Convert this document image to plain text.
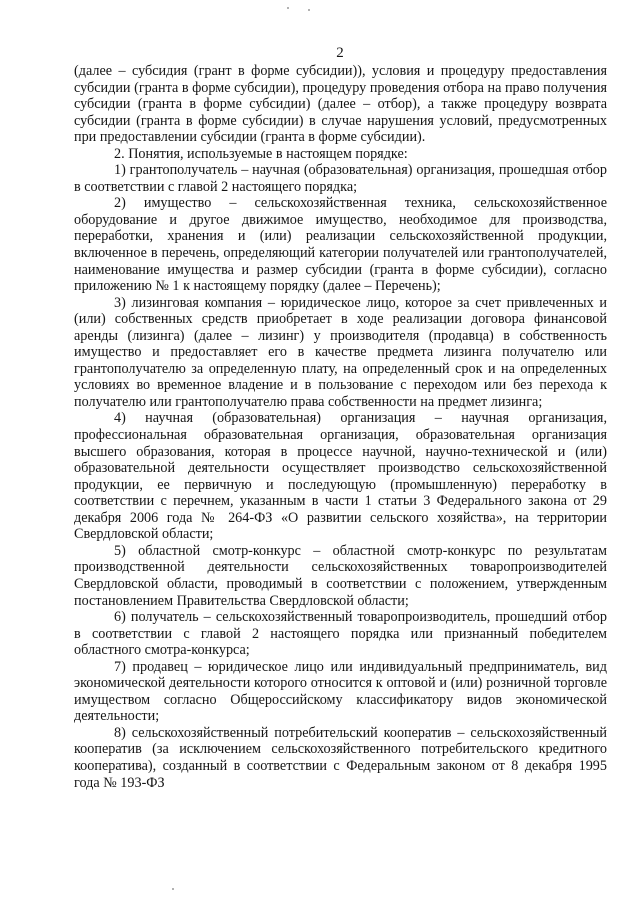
2

(далее – субсидия (грант в форме субсидии)), условия и процедуру предоставления субсидии (гранта в форме субсидии), процедуру проведения отбора на право получения субсидии (гранта в форме субсидии) (далее – отбор), а также процедуру возврата субсидии (гранта в форме субсидии) в случае нарушения условий, предусмотренных при предоставлении субсидии (гранта в форме субсидии).

2. Понятия, используемые в настоящем порядке:

1) грантополучатель – научная (образовательная) организация, прошедшая отбор в соответствии с главой 2 настоящего порядка;

2) имущество – сельскохозяйственная техника, сельскохозяйственное оборудование и другое движимое имущество, необходимое для производства, переработки, хранения и (или) реализации сельскохозяйственной продукции, включенное в перечень, определяющий категории получателей или грантополучателей, наименование имущества и размер субсидии (гранта в форме субсидии), согласно приложению № 1 к настоящему порядку (далее – Перечень);

3) лизинговая компания – юридическое лицо, которое за счет привлеченных и (или) собственных средств приобретает в ходе реализации договора финансовой аренды (лизинга) (далее – лизинг) у производителя (продавца) в собственность имущество и предоставляет его в качестве предмета лизинга получателю или грантополучателю за определенную плату, на определенный срок и на определенных условиях во временное владение и в пользование с переходом или без перехода к получателю или грантополучателю права собственности на предмет лизинга;

4) научная (образовательная) организация – научная организация, профессиональная образовательная организация, образовательная организация высшего образования, которая в процессе научной, научно-технической и (или) образовательной деятельности осуществляет производство сельскохозяйственной продукции, ее первичную и последующую (промышленную) переработку в соответствии с перечнем, указанным в части 1 статьи 3 Федерального закона от 29 декабря 2006 года № 264-ФЗ «О развитии сельского хозяйства», на территории Свердловской области;

5) областной смотр-конкурс – областной смотр-конкурс по результатам производственной деятельности сельскохозяйственных товаропроизводителей Свердловской области, проводимый в соответствии с положением, утвержденным постановлением Правительства Свердловской области;

6) получатель – сельскохозяйственный товаропроизводитель, прошедший отбор в соответствии с главой 2 настоящего порядка или признанный победителем областного смотра-конкурса;

7) продавец – юридическое лицо или индивидуальный предприниматель, вид экономической деятельности которого относится к оптовой и (или) розничной торговле имуществом согласно Общероссийскому классификатору видов экономической деятельности;

8) сельскохозяйственный потребительский кооператив – сельскохозяйственный кооператив (за исключением сельскохозяйственного потребительского кредитного кооператива), созданный в соответствии с Федеральным законом от 8 декабря 1995 года № 193-ФЗ
